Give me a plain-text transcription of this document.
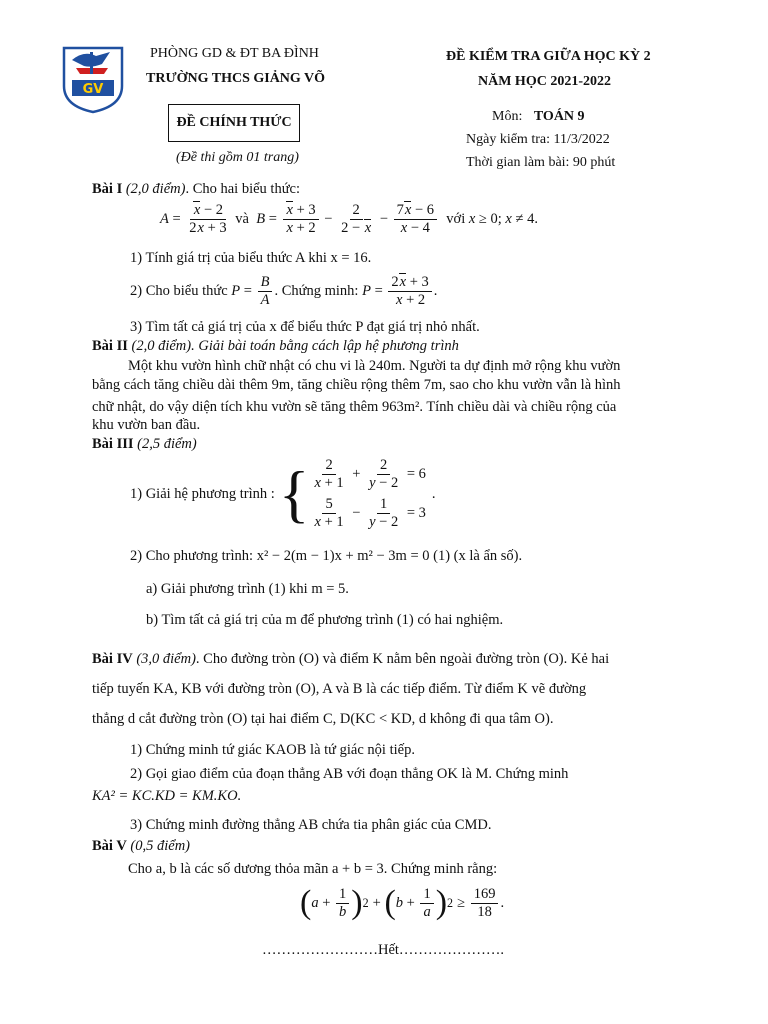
GV
PHÒNG GD & ĐT BA ĐÌNH
TRƯỜNG THCS GIẢNG VÕ
ĐỀ CHÍNH THỨC
(Đề thi gồm 01 trang)
ĐỀ KIỂM TRA GIỮA HỌC KỲ 2
NĂM HỌC 2021-2022
Môn: TOÁN 9
Ngày kiểm tra: 11/3/2022
Thời gian làm bài: 90 phút
Bài I (2,0 điểm). Cho hai biểu thức:
$A = \frac{x - 2}{2x + 3}$ và $B = \frac{x + 3}{x + 2} - \frac{2}{2 - x} - \frac{7x - 6}{x - 4}$ với x ≥ 0; x ≠ 4.
1) Tính giá trị của biểu thức A khi x = 16.
2) Cho biểu thức
$P = \frac{B}{A}$ . Chứng minh:
$P = \frac{2x + 3}{x + 2}$ .
3) Tìm tất cả giá trị của x để biểu thức P đạt giá trị nhỏ nhất.
Bài II (2,0 điểm). Giải bài toán bằng cách lập hệ phương trình
Một khu vườn hình chữ nhật có chu vi là 240m. Người ta dự định mở rộng khu vườn
bằng cách tăng chiều dài thêm 9m, tăng chiều rộng thêm 7m, sao cho khu vườn vẫn là hình
chữ nhật, do vậy diện tích khu vườn sẽ tăng thêm 963m². Tính chiều dài và chiều rộng của
khu vườn ban đầu.
Bài III (2,5 điểm)
1) Giải hệ phương trình : { $\frac{2}{x + 1} + \frac{2}{y - 2} = 6$
$\frac{5}{x + 1} - \frac{1}{y - 2} = 3$
.
2) Cho phương trình: x² − 2(m − 1)x + m² − 3m = 0 (1) (x là ẩn số).
a) Giải phương trình (1) khi m = 5.
b) Tìm tất cả giá trị của m để phương trình (1) có hai nghiệm.
Bài IV (3,0 điểm). Cho đường tròn (O) và điểm K nằm bên ngoài đường tròn (O). Kẻ hai
tiếp tuyến KA, KB với đường tròn (O), A và B là các tiếp điểm. Từ điểm K vẽ đường
thẳng d cắt đường tròn (O) tại hai điểm C, D(KC < KD, d không đi qua tâm O).
1) Chứng minh tứ giác KAOB là tứ giác nội tiếp.
2) Gọi giao điểm của đoạn thẳng AB với đoạn thẳng OK là M. Chứng minh
KA² = KC.KD = KM.KO.
3) Chứng minh đường thẳng AB chứa tia phân giác của CMD.
Bài V (0,5 điểm)
Cho a, b là các số dương thỏa mãn a + b = 3. Chứng minh rằng:
( $a + \frac{1}{b}$ ) 2 + ( $b + \frac{1}{a}$ ) $2 \ge \frac{169}{18}$ .
……………………Hết………………….
